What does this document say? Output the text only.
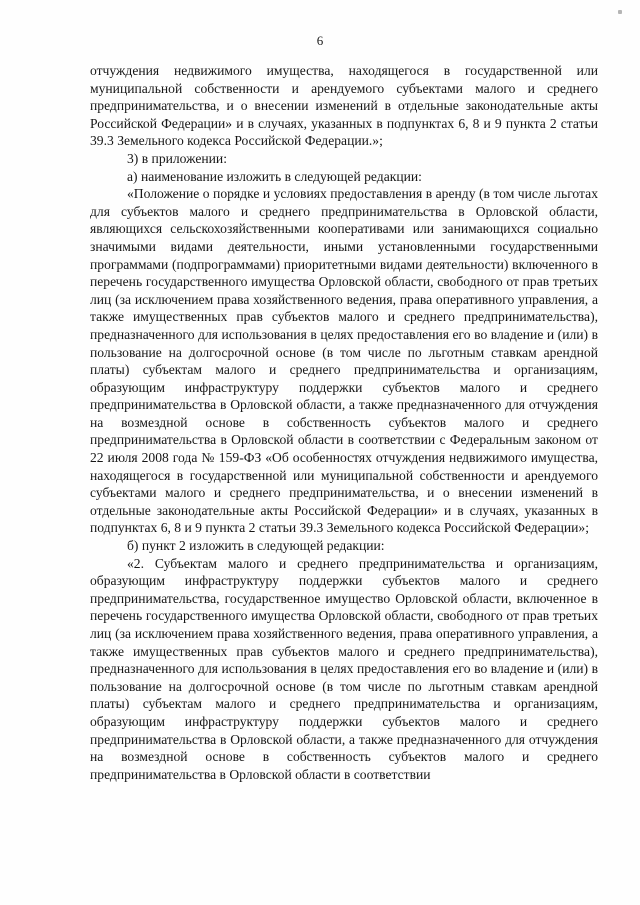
6

отчуждения недвижимого имущества, находящегося в государственной или муниципальной собственности и арендуемого субъектами малого и среднего предпринимательства, и о внесении изменений в отдельные законодательные акты Российской Федерации» и в случаях, указанных в подпунктах 6, 8 и 9 пункта 2 статьи 39.3 Земельного кодекса Российской Федерации.»;

3) в приложении:

а) наименование изложить в следующей редакции:

«Положение о порядке и условиях предоставления в аренду (в том числе льготах для субъектов малого и среднего предпринимательства в Орловской области, являющихся сельскохозяйственными кооперативами или занимающихся социально значимыми видами деятельности, иными установленными государственными программами (подпрограммами) приоритетными видами деятельности) включенного в перечень государственного имущества Орловской области, свободного от прав третьих лиц (за исключением права хозяйственного ведения, права оперативного управления, а также имущественных прав субъектов малого и среднего предпринимательства), предназначенного для использования в целях предоставления его во владение и (или) в пользование на долгосрочной основе (в том числе по льготным ставкам арендной платы) субъектам малого и среднего предпринимательства и организациям, образующим инфраструктуру поддержки субъектов малого и среднего предпринимательства в Орловской области, а также предназначенного для отчуждения на возмездной основе в собственность субъектов малого и среднего предпринимательства в Орловской области в соответствии с Федеральным законом от 22 июля 2008 года № 159-ФЗ «Об особенностях отчуждения недвижимого имущества, находящегося в государственной или муниципальной собственности и арендуемого субъектами малого и среднего предпринимательства, и о внесении изменений в отдельные законодательные акты Российской Федерации» и в случаях, указанных в подпунктах 6, 8 и 9 пункта 2 статьи 39.3 Земельного кодекса Российской Федерации»;

б) пункт 2 изложить в следующей редакции:

«2. Субъектам малого и среднего предпринимательства и организациям, образующим инфраструктуру поддержки субъектов малого и среднего предпринимательства, государственное имущество Орловской области, включенное в перечень государственного имущества Орловской области, свободного от прав третьих лиц (за исключением права хозяйственного ведения, права оперативного управления, а также имущественных прав субъектов малого и среднего предпринимательства), предназначенного для использования в целях предоставления его во владение и (или) в пользование на долгосрочной основе (в том числе по льготным ставкам арендной платы) субъектам малого и среднего предпринимательства и организациям, образующим инфраструктуру поддержки субъектов малого и среднего предпринимательства в Орловской области, а также предназначенного для отчуждения на возмездной основе в собственность субъектов малого и среднего предпринимательства в Орловской области в соответствии
